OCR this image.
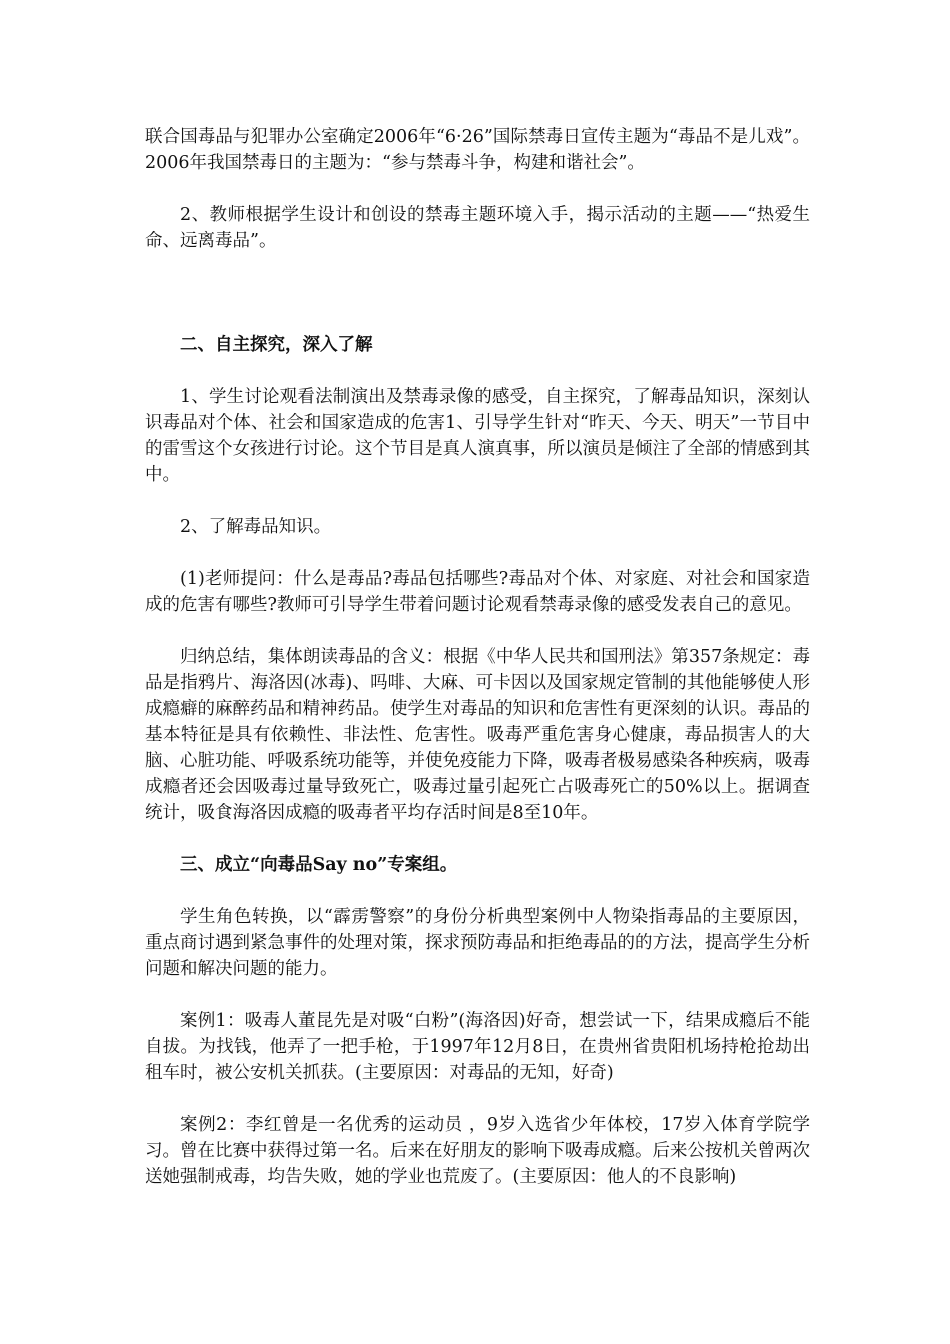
联合国毒品与犯罪办公室确定2006年“6·26”国际禁毒日宣传主题为“毒品不是儿戏”。2006年我国禁毒日的主题为：“参与禁毒斗争，构建和谐社会”。

2、教师根据学生设计和创设的禁毒主题环境入手，揭示活动的主题——“热爱生命、远离毒品”。

二、自主探究，深入了解

1、学生讨论观看法制演出及禁毒录像的感受，自主探究，了解毒品知识，深刻认识毒品对个体、社会和国家造成的危害1、引导学生针对“昨天、今天、明天”一节目中的雷雪这个女孩进行讨论。这个节目是真人演真事，所以演员是倾注了全部的情感到其中。

2、了解毒品知识。

(1)老师提问：什么是毒品?毒品包括哪些?毒品对个体、对家庭、对社会和国家造成的危害有哪些?教师可引导学生带着问题讨论观看禁毒录像的感受发表自己的意见。

归纳总结，集体朗读毒品的含义：根据《中华人民共和国刑法》第357条规定：毒品是指鸦片、海洛因(冰毒)、吗啡、大麻、可卡因以及国家规定管制的其他能够使人形成瘾癖的麻醉药品和精神药品。使学生对毒品的知识和危害性有更深刻的认识。毒品的基本特征是具有依赖性、非法性、危害性。吸毒严重危害身心健康，毒品损害人的大脑、心脏功能、呼吸系统功能等，并使免疫能力下降，吸毒者极易感染各种疾病，吸毒成瘾者还会因吸毒过量导致死亡，吸毒过量引起死亡占吸毒死亡的50%以上。据调查统计，吸食海洛因成瘾的吸毒者平均存活时间是8至10年。

三、成立“向毒品Say no”专案组。

学生角色转换，以“霹雳警察”的身份分析典型案例中人物染指毒品的主要原因，重点商讨遇到紧急事件的处理对策，探求预防毒品和拒绝毒品的的方法，提高学生分析问题和解决问题的能力。

案例1：吸毒人董昆先是对吸“白粉”(海洛因)好奇，想尝试一下，结果成瘾后不能自拔。为找钱，他弄了一把手枪，于1997年12月8日，在贵州省贵阳机场持枪抢劫出租车时，被公安机关抓获。(主要原因：对毒品的无知，好奇)

案例2：李红曾是一名优秀的运动员 ，9岁入选省少年体校，17岁入体育学院学习。曾在比赛中获得过第一名。后来在好朋友的影响下吸毒成瘾。后来公按机关曾两次送她强制戒毒，均告失败，她的学业也荒废了。(主要原因：他人的不良影响)
